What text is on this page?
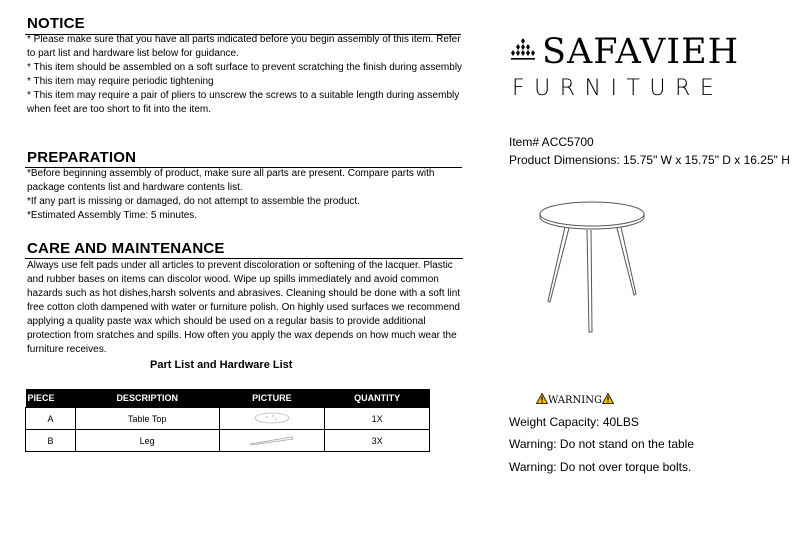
NOTICE

* Please make sure that you have all parts indicated before you begin assembly of this item. Refer to part list and hardware list below for guidance.

* This item should be assembled on a soft surface to prevent scratching the finish during assembly

* This item may require periodic tightening

* This item may require a pair of pliers to unscrew the screws to a suitable length during assembly when feet are too short to fit into the item.

PREPARATION

*Before beginning assembly of product, make sure all parts are present. Compare parts with package contents list and hardware contents list.

*If any part is missing or damaged, do not attempt to assemble the product.

*Estimated Assembly Time: 5 minutes.

CARE AND MAINTENANCE

Always use felt pads under all articles to prevent discoloration or softening of the lacquer. Plastic and rubber bases on items can discolor wood. Wipe up spills immediately and avoid common hazards such as hot dishes,harsh solvents and abrasives. Cleaning should be done with a soft lint free cotton cloth dampened with water or furniture polish. On highly used surfaces we recommend applying a quality paste wax which should be used on a regular basis to provide additional protection from sratches and spills. How often you apply the wax depends on how much wear the furniture receives.

SAFAVIEH
FURNITURE
Item# ACC5700
Product Dimensions: 15.75" W x 15.75" D x 16.25" H
Part List and Hardware List
PIECE	DESCRIPTION	PICTURE	QUANTITY
A	Table Top		1X
B	Leg		3X
WARNING
Weight Capacity: 40LBS
Warning: Do not stand on the table
Warning: Do not over torque bolts.
